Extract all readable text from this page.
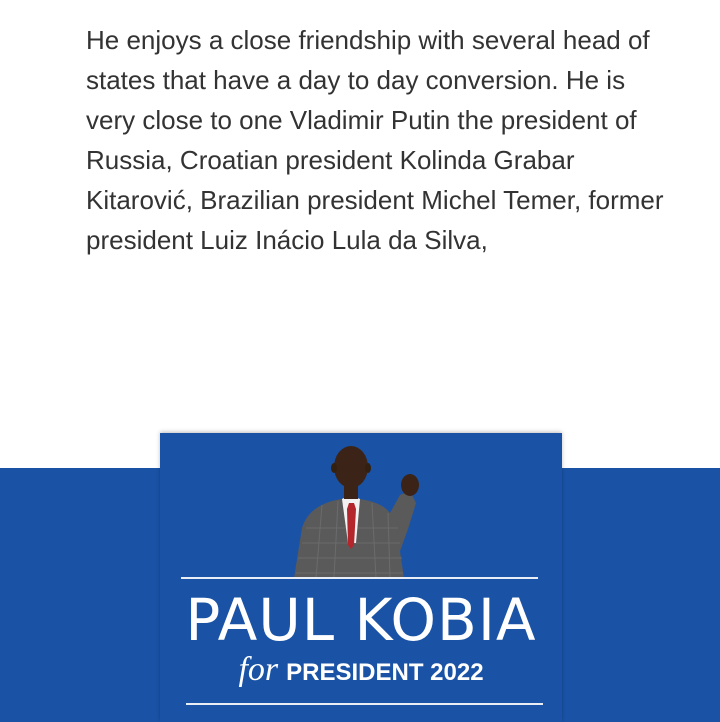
He enjoys a close friendship with several head of states that have a day to day conversion. He is very close to one Vladimir Putin the president of Russia, Croatian president Kolinda Grabar Kitarović, Brazilian president Michel Temer, former president Luiz Inácio Lula da Silva,

PAUL KOBIA
for PRESIDENT 2022
